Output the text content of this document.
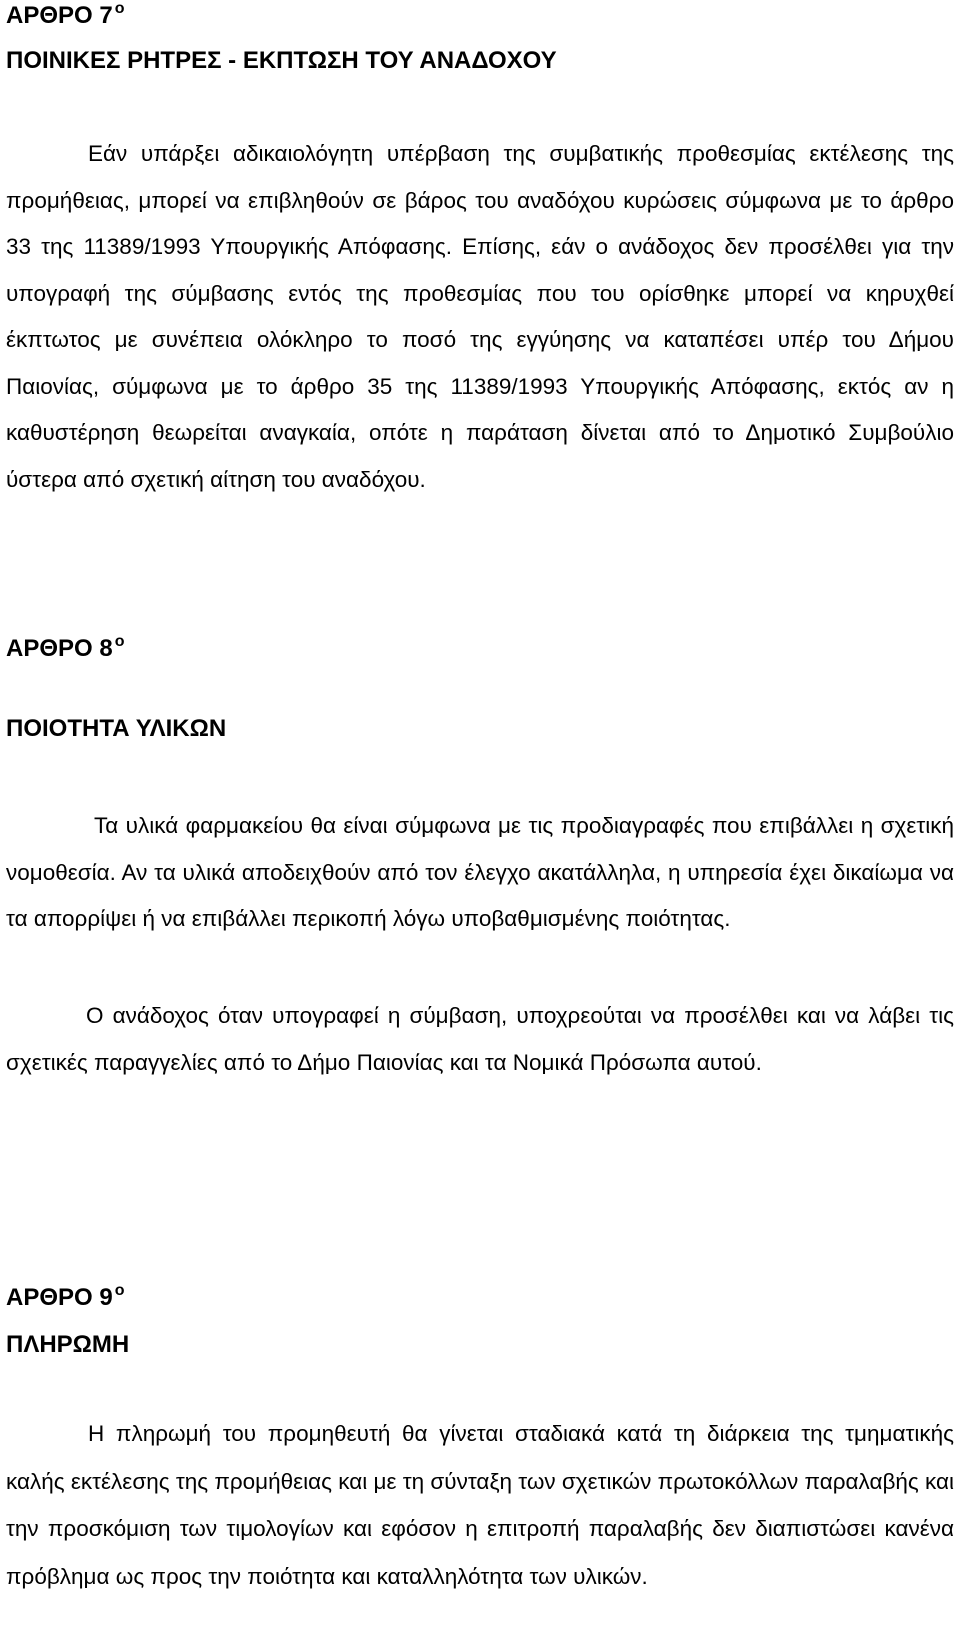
ΑΡΘΡΟ 7 $^o$
ΠΟΙΝΙΚΕΣ ΡΗΤΡΕΣ - ΕΚΠΤΩΣΗ ΤΟΥ ΑΝΑΔΟΧΟΥ

Εάν υπάρξει αδικαιολόγητη υπέρβαση της συμβατικής προθεσμίας εκτέλεσης της προμήθειας, μπορεί να επιβληθούν σε βάρος του αναδόχου κυρώσεις σύμφωνα με το άρθρο 33 της 11389/1993 Υπουργικής Απόφασης. Επίσης, εάν ο ανάδοχος δεν προσέλθει για την υπογραφή της σύμβασης εντός της προθεσμίας που του ορίσθηκε μπορεί να κηρυχθεί έκπτωτος με συνέπεια ολόκληρο το ποσό της εγγύησης να καταπέσει υπέρ του Δήμου Παιονίας, σύμφωνα με το άρθρο 35 της 11389/1993 Υπουργικής Απόφασης, εκτός αν η καθυστέρηση θεωρείται αναγκαία, οπότε η παράταση δίνεται από το Δημοτικό Συμβούλιο ύστερα από σχετική αίτηση του αναδόχου.

ΑΡΘΡΟ 8 $^o$
ΠΟΙΟΤΗΤΑ ΥΛΙΚΩΝ

Τα υλικά φαρμακείου θα είναι σύμφωνα με τις προδιαγραφές που επιβάλλει η σχετική νομοθεσία. Αν τα υλικά αποδειχθούν από τον έλεγχο ακατάλληλα, η υπηρεσία έχει δικαίωμα να τα απορρίψει ή να επιβάλλει περικοπή λόγω υποβαθμισμένης ποιότητας.

Ο ανάδοχος όταν υπογραφεί η σύμβαση, υποχρεούται να προσέλθει και να λάβει τις σχετικές παραγγελίες από το Δήμο Παιονίας και τα Νομικά Πρόσωπα αυτού.

ΑΡΘΡΟ 9 $^o$
ΠΛΗΡΩΜΗ

Η πληρωμή του προμηθευτή θα γίνεται σταδιακά κατά τη διάρκεια της τμηματικής καλής εκτέλεσης της προμήθειας και με τη σύνταξη των σχετικών πρωτοκόλλων παραλαβής και την προσκόμιση των τιμολογίων και εφόσον η επιτροπή παραλαβής δεν διαπιστώσει κανένα πρόβλημα ως προς την ποιότητα και καταλληλότητα των υλικών.
